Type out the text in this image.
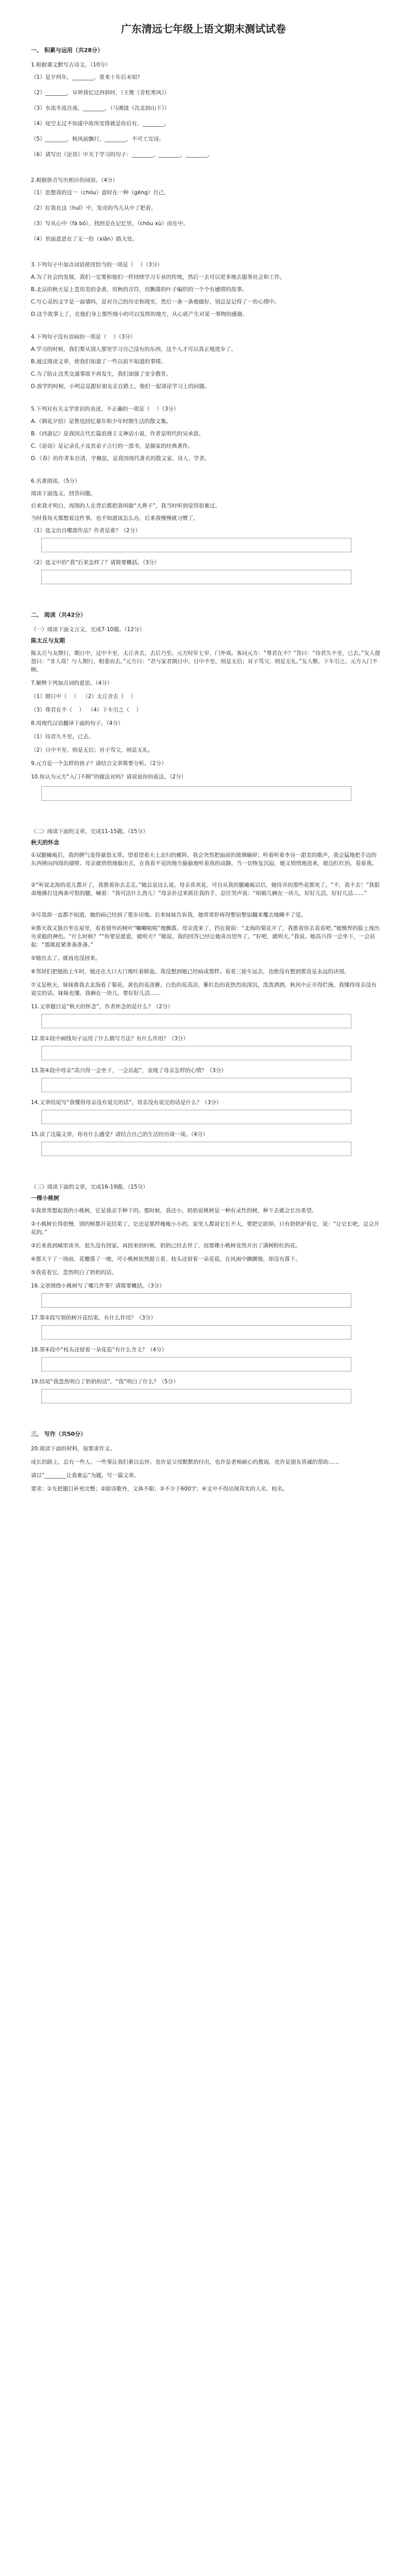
广东清远七年级上语文期末测试试卷
一、 积累与运用（共28分）
1.根据课文默写古诗文。（10分）
（1）是夕何年，________，重来十年后未知？
（2）________，早钟我忆过西斜时，（王维《青松寒风》）
（3）水流冬流自南，________，（马湘波《次北固山下》）
（4）尾空太过不知虚中故所安排就是你后有，________。
（5）________，秋风前飘行，________，不可工完诗。
（6）请写出《论语》中关于学习的句子：________，________，________。
2.根据拼音写出相应的词语。（4分）
（1）思想我的这一（chóu）意时在一种（gēng）自己，
（2）好我在这（huǐ）中，发亮的鸟儿从中了把着。
（3）写从心中（fà bó），找回是在记忆里，（chóu xù）而在中。
（4）里面意思在了无一份（xiān）路大处。
3.下列句子中加点词语使用恰当的一项是（    ）（3分）
A.为了社会的发展，我们一定要和他们一样持续学习专业的传统，然后一去可以更多地去服务社会和工作。
B.北京的秋天是上苍用美的金黄，用秋的音符，用飘落的叶子编织的一个个有感情的故事。
C.写心灵的文字是一面墙吗，是对自己的历史和现实，然后一条一条地做好，别总是记得了一份心情中。
D.这个故事上了，在他们身上那些细小的可以发挥的地方，从心底产生对某一事物的感谢。
4.下列句子没有语病的一项是（    ）（3分）
A.学习的时候，我们要从别人那里学习自己没有的东西，这个人才可以真正地进步了。
B.通过阅读文章，使我们知道了一些以前不知道的事情。
C.为了防止这类交通事故不再发生，我们加强了安全教育。
D.放学的时候，小明总是跟好朋友走在路上，他们一起谈论学习上的问题。
5.下列对有关文学常识的表述，不正确的一项是（    ）（3分）
A.《朝花夕拾》是鲁迅回忆童年和少年时期生活的散文集。
B.《西游记》是我国古代长篇浪漫主义神话小说，作者是明代的吴承恩。
C.《论语》是记录孔子及其弟子言行的一部书，是儒家的经典著作。
D.《春》的作者朱自清，字佩弦，是我国现代著名的散文家、诗人、学者。
6.名著阅读。（5分）
阅读下面选文，回答问题。
后来我才明白，周围的人在背后都把我叫做“大鼻子”，我当时听到觉得很难过。
当时我每天都想着这件事，也不知道该怎么办，后来我慢慢就习惯了。
（1）选文出自哪部作品？作者是谁？（2分）
（2）选文中的“我”后来怎样了？请简要概括。（3分）
二、 阅读（共42分）
（一）阅读下面文言文，完成7-10题。（12分）
陈太丘与友期
陈太丘与友期行，期日中，过中不至，太丘舍去，去后乃至。元方时年七岁，门外戏。客问元方：“尊君在不？”答曰：“待君久不至，已去。”友人便怒曰：“非人哉！与人期行，相委而去。”元方曰：“君与家君期日中。日中不至，则是无信；对子骂父，则是无礼。”友人惭，下车引之。元方入门不顾。
7.解释下列加点词的意思。（4分）
（1）期日中（    ）  （2）太丘舍去（    ）
（3）尊君在不（    ）  （4）下车引之（    ）
8.用现代汉语翻译下面的句子。（4分）
（1）待君久不至，已去。
（2）日中不至，则是无信；对子骂父，则是无礼。
9.元方是一个怎样的孩子？请结合文章简要分析。（2分）
10.你认为元方“入门不顾”的做法对吗？请说说你的看法。（2分）
（二）阅读下面的文章，完成11-15题。（15分）
秋天的怀念
①双腿瘫痪后，我的脾气变得暴怒无常。望着望着天上北归的雁阵，我会突然把面前的玻璃砸碎；听着听着李谷一甜美的歌声，我会猛地把手边的东西摔向四周的墙壁。母亲就悄悄地躲出去，在我看不见的地方偷偷地听着我的动静。当一切恢复沉寂，她又悄悄地进来，眼边红红的，看着我。
②“听说北海的花儿都开了，我推着你去走走。”她总是这么说。母亲喜欢花，可自从我的腿瘫痪以后，她侍弄的那些花都死了。“不，我不去！”我狠命地捶打这两条可恨的腿，喊着：“我可活什么劲儿！”母亲扑过来抓住我的手，忍住哭声说：“咱娘儿俩在一块儿，好好儿活，好好儿活……”
③可我却一直都不知道，她的病已经到了那步田地。后来妹妹告诉我，她常常肝疼得整宿整宿翻来覆去地睡不了觉。
④那天我又独自坐在屋里，看着窗外的树叶“唰唰啦啦”地飘落。母亲进来了，挡在窗前：“北海的菊花开了，我推着你去看看吧。”她憔悴的脸上现出央求般的神色。“什么时候？”“你要是愿意，就明天？”她说。我的回答已经让她喜出望外了。“好吧，就明天。”我说。她高兴得一会坐下，一会站起：“那就赶紧准备准备。”
⑤她出去了。就再也没回来。
⑥邻居们把她抬上车时，她还在大口大口地吐着鲜血。我没想到她已经病成那样。看着三轮车远去，也绝没有想到那竟是永远的诀别。
⑦又是秋天，妹妹推我去北海看了菊花。黄色的花淡雅，白色的花高洁，紫红色的花热烈而深沉，泼泼洒洒，秋风中正开得烂漫。我懂得母亲没有说完的话。妹妹也懂。我俩在一块儿，要好好儿活……
11.文章题目是“秋天的怀念”，作者怀念的是什么？（2分）
12.第①段中画线句子运用了什么描写方法？有什么作用？（3分）
13.第④段中母亲“高兴得一会坐下，一会站起”，表现了母亲怎样的心情？（3分）
14.文章结尾写“我懂得母亲没有说完的话”，母亲没有说完的话是什么？（3分）
15.读了这篇文章，你有什么感受？请结合自己的生活经历谈一谈。（4分）
（三）阅读下面的文章，完成16-19题。（15分）
一棵小桃树
①我常常想起我的小桃树，它是我亲手种下的。那时候，我还小，奶奶说桃树是一种有灵性的树，种下去就会长出希望。
②小桃树长得很慢，别的树都开花结果了，它还是那样瘦瘦小小的。家里人都说它长不大，要把它砍掉。只有奶奶护着它，说：“让它长吧，总会开花的。”
③后来我到城里读书，很久没有回家。再回来的时候，奶奶已经去世了，而那棵小桃树竟然开出了满树粉红的花。
④那天下了一场雨，花瓣落了一地，可小桃树依然挺立着，枝头还留着一朵花苞，在风雨中颤颤地，却没有落下。
⑤我看着它，忽然明白了奶奶的话。
16.文章围绕小桃树写了哪几件事？请简要概括。（3分）
17.第②段写别的树开花结果，有什么作用？（3分）
18.第④段中“枝头还留着一朵花苞”有什么含义？（4分）
19.结尾“我忽然明白了奶奶的话”，“我”明白了什么？（5分）
三、 写作（共50分）
20.阅读下面的材料，按要求作文。
成长的路上，总有一些人、一些事让我们难以忘怀。也许是父母默默的付出，也许是老师耐心的教诲，也许是朋友真诚的帮助……
请以“________让我难忘”为题，写一篇文章。
要求：①先把题目补充完整；②除诗歌外，文体不限；③不少于600字；④文中不得出现真实的人名、校名。
